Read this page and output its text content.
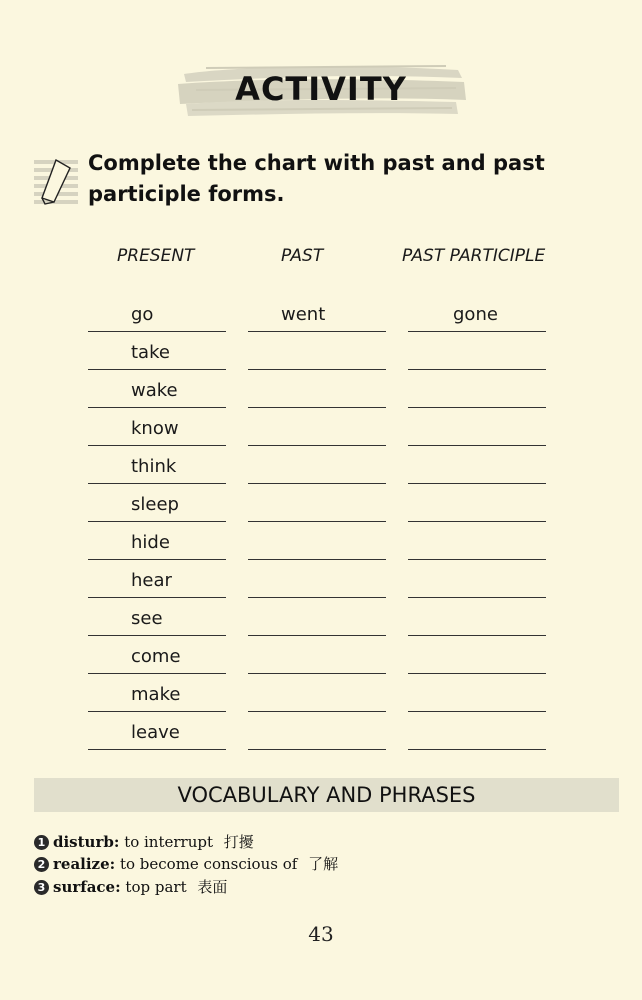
ACTIVITY
Complete the chart with past and past participle forms.
PRESENT	PAST	PAST PARTICIPLE
go	went	gone
take
wake
know
think
sleep
hide
hear
see
come
make
leave
VOCABULARY AND PHRASES
1 disturb: to interrupt 打擾
2 realize: to become conscious of 了解
3 surface: top part 表面
43
